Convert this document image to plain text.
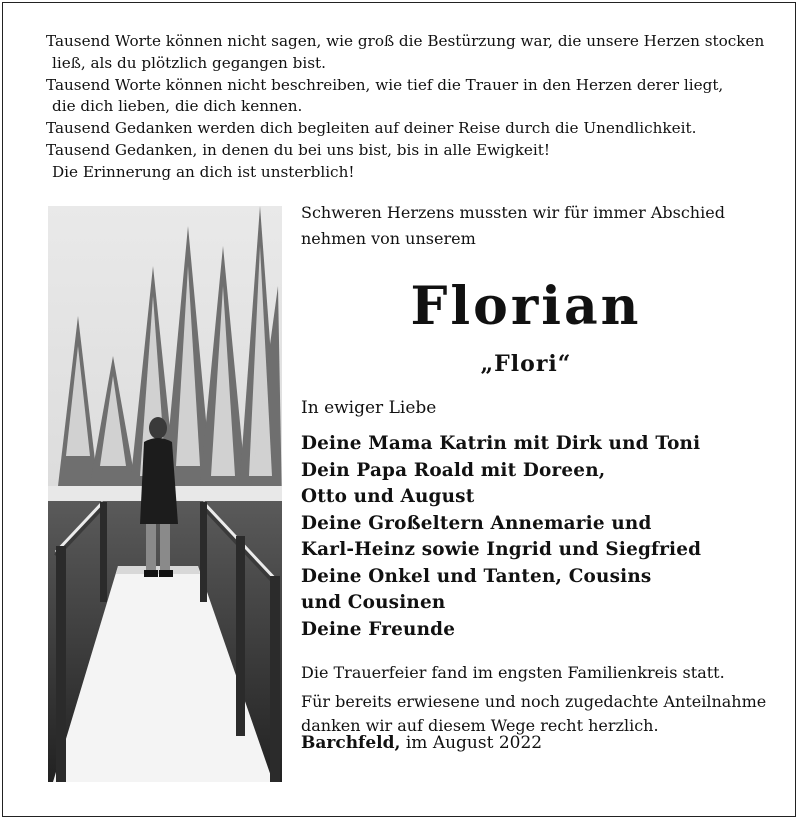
Tausend Worte können nicht sagen, wie groß die Bestürzung war, die unsere Herzen stocken
ließ, als du plötzlich gegangen bist.
Tausend Worte können nicht beschreiben, wie tief die Trauer in den Herzen derer liegt,
die dich lieben, die dich kennen.
Tausend Gedanken werden dich begleiten auf deiner Reise durch die Unendlichkeit.
Tausend Gedanken, in denen du bei uns bist, bis in alle Ewigkeit!
Die Erinnerung an dich ist unsterblich!
Schweren Herzens mussten wir für immer Abschied
nehmen von unserem
Florian
„Flori“
In ewiger Liebe
Deine Mama Katrin mit Dirk und Toni
Dein Papa Roald mit Doreen,
Otto und August
Deine Großeltern Annemarie und
Karl-Heinz sowie Ingrid und Siegfried
Deine Onkel und Tanten, Cousins
und Cousinen
Deine Freunde
Die Trauerfeier fand im engsten Familienkreis statt.
Für bereits erwiesene und noch zugedachte Anteilnahme
danken wir auf diesem Wege recht herzlich.
Barchfeld, im August 2022
